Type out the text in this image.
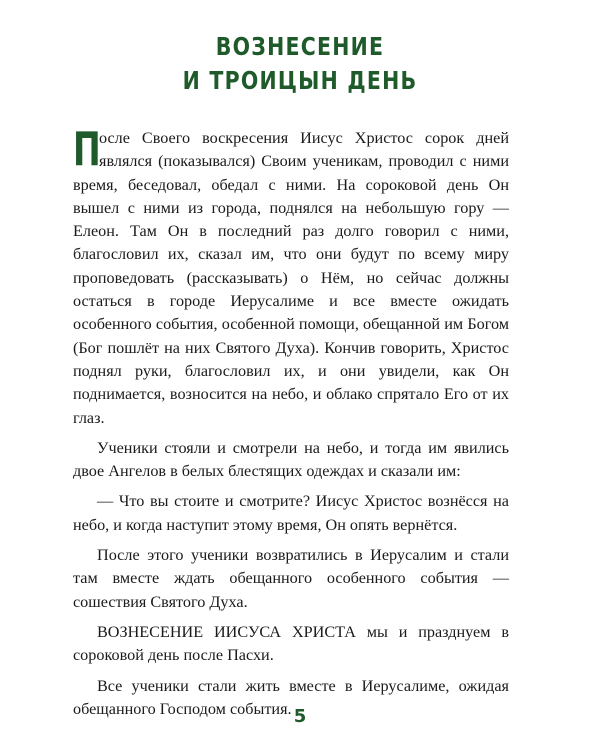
ВОЗНЕСЕНИЕ
И ТРОИЦЫН ДЕНЬ

П
осле Своего воскресения Иисус Христос сорок дней являлся (показывался) Своим ученикам, проводил с ними время, беседовал, обедал с ними. На сороковой день Он вышел с ними из города, поднялся на небольшую гору — Елеон. Там Он в последний раз долго говорил с ними, благословил их, сказал им, что они будут по всему миру проповедовать (рассказывать) о Нём, но сейчас должны остаться в городе Иерусалиме и все вместе ожидать особенного события, особенной помощи, обещанной им Богом (Бог пошлёт на них Святого Духа). Кончив говорить, Христос поднял руки, благословил их, и они увидели, как Он поднимается, возносится на небо, и облако спрятало Его от их глаз.

Ученики стояли и смотрели на небо, и тогда им явились двое Ангелов в белых блестящих одеждах и сказали им:

— Что вы стоите и смотрите? Иисус Христос вознёсся на небо, и когда наступит этому время, Он опять вернётся.

После этого ученики возвратились в Иерусалим и стали там вместе ждать обещанного особенного события — сошествия Святого Духа.

ВОЗНЕСЕНИЕ ИИСУСА ХРИСТА мы и празднуем в сороковой день после Пасхи.

Все ученики стали жить вместе в Иерусалиме, ожидая обещанного Господом события. 5
